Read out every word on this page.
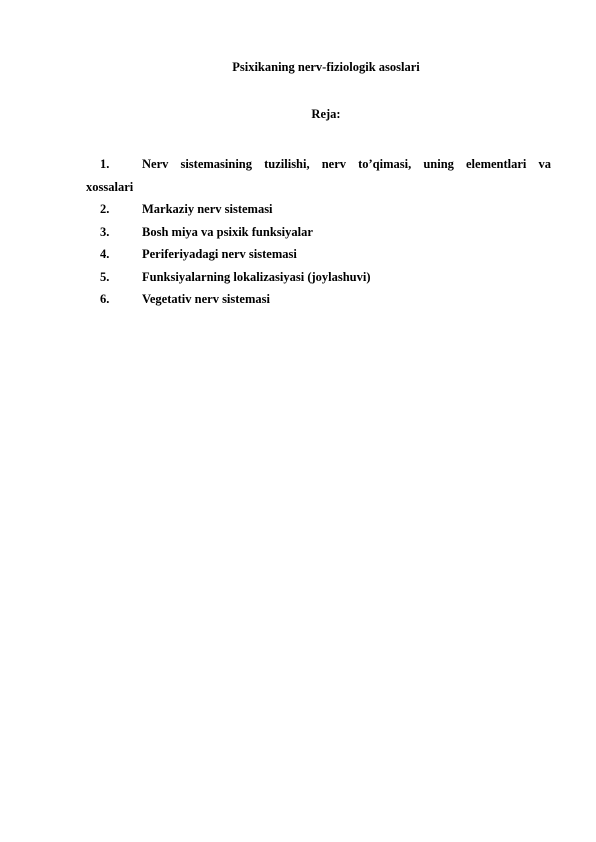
Psixikaning nerv-fiziologik asoslari
Reja:
1.	Nerv sistemasining tuzilishi, nerv to’qimasi, uning elementlari va
xossalari
2.	Markaziy nerv sistemasi
3.	Bosh miya va psixik funksiyalar
4.	Periferiyadagi nerv sistemasi
5.	Funksiyalarning lokalizasiyasi (joylashuvi)
6.	Vegetativ nerv sistemasi
